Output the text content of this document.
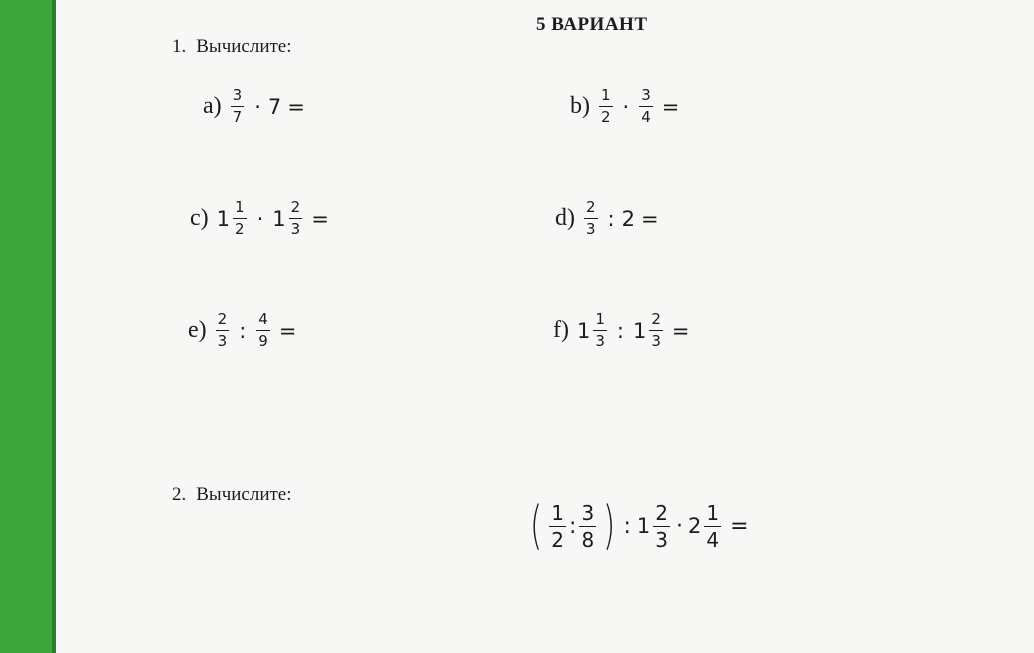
5 ВАРИАНТ
1. Вычислите:
$a) \frac{3}{7} \cdot 7$ =	$b) \frac{1}{2} \cdot \frac{3}{4}$ =
c) $1 \frac{1}{2} \cdot 1 \frac{2}{3}$ =	$d) \frac{2}{3}$ : 2 =
$e) \frac{2}{3}$ : $\frac{4}{9}$ =	f) $1 \frac{1}{3}$ : $1 \frac{2}{3}$ =
2. Вычислите:
( $\frac{1}{2}$ : $\frac{3}{8}$ ) : $1 \frac{2}{3} \cdot 2 \frac{1}{4}$ =
